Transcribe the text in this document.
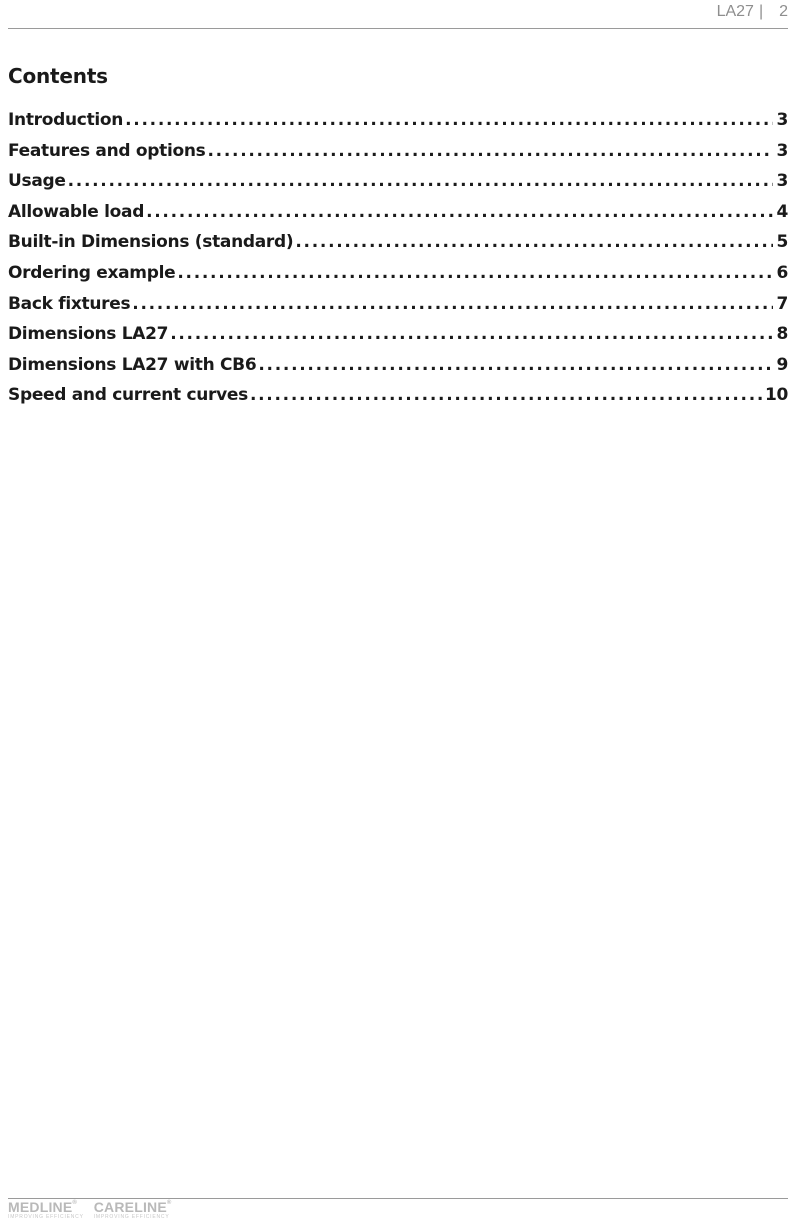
LA27 | 2
Contents
Introduction . . .	3
Features and options . . .	3
Usage . . .	3
Allowable load . . .	4
Built-in Dimensions (standard) . . .	5
Ordering example . . .	6
Back fixtures . . .	7
Dimensions LA27 . . .	8
Dimensions LA27 with CB6 . . .	9
Speed and current curves . . .	10
MEDLINE®
IMPROVING EFFICIENCY
CARELINE®
IMPROVING EFFICIENCY
